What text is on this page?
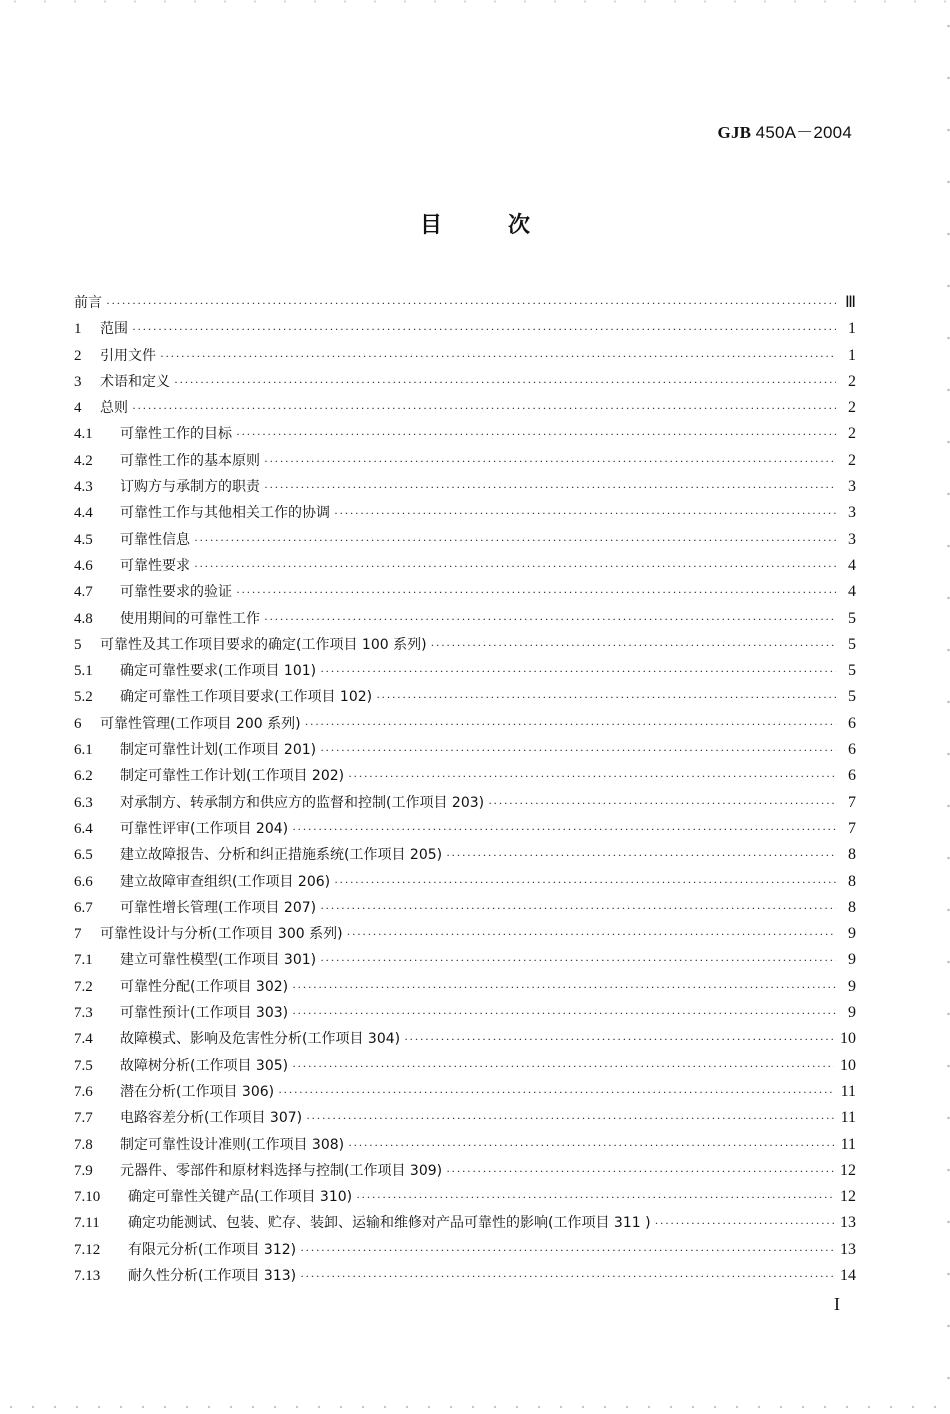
GJB 450A－2004
目	次
前言 ·····	Ⅲ
1	范围 ·····	1
2	引用文件 ·····	1
3	术语和定义 ·····	2
4	总则 ·····	2
4.1	可靠性工作的目标 ·····	2
4.2	可靠性工作的基本原则 ·····	2
4.3	订购方与承制方的职责 ·····	3
4.4	可靠性工作与其他相关工作的协调 ·····	3
4.5	可靠性信息 ·····	3
4.6	可靠性要求 ·····	4
4.7	可靠性要求的验证 ·····	4
4.8	使用期间的可靠性工作 ·····	5
5	可靠性及其工作项目要求的确定(工作项目 100 系列) ·····	5
5.1	确定可靠性要求(工作项目 101) ·····	5
5.2	确定可靠性工作项目要求(工作项目 102) ·····	5
6	可靠性管理(工作项目 200 系列) ·····	6
6.1	制定可靠性计划(工作项目 201) ·····	6
6.2	制定可靠性工作计划(工作项目 202) ·····	6
6.3	对承制方、转承制方和供应方的监督和控制(工作项目 203) ·····	7
6.4	可靠性评审(工作项目 204) ·····	7
6.5	建立故障报告、分析和纠正措施系统(工作项目 205) ·····	8
6.6	建立故障审查组织(工作项目 206) ·····	8
6.7	可靠性增长管理(工作项目 207) ·····	8
7	可靠性设计与分析(工作项目 300 系列) ·····	9
7.1	建立可靠性模型(工作项目 301) ·····	9
7.2	可靠性分配(工作项目 302) ·····	9
7.3	可靠性预计(工作项目 303) ·····	9
7.4	故障模式、影响及危害性分析(工作项目 304) ·····	10
7.5	故障树分析(工作项目 305) ·····	10
7.6	潜在分析(工作项目 306) ·····	11
7.7	电路容差分析(工作项目 307) ·····	11
7.8	制定可靠性设计准则(工作项目 308) ·····	11
7.9	元器件、零部件和原材料选择与控制(工作项目 309) ·····	12
7.10	确定可靠性关键产品(工作项目 310) ·····	12
7.11	确定功能测试、包装、贮存、装卸、运输和维修对产品可靠性的影响(工作项目 311 ) ·····	13
7.12	有限元分析(工作项目 312) ·····	13
7.13	耐久性分析(工作项目 313) ·····	14
I
